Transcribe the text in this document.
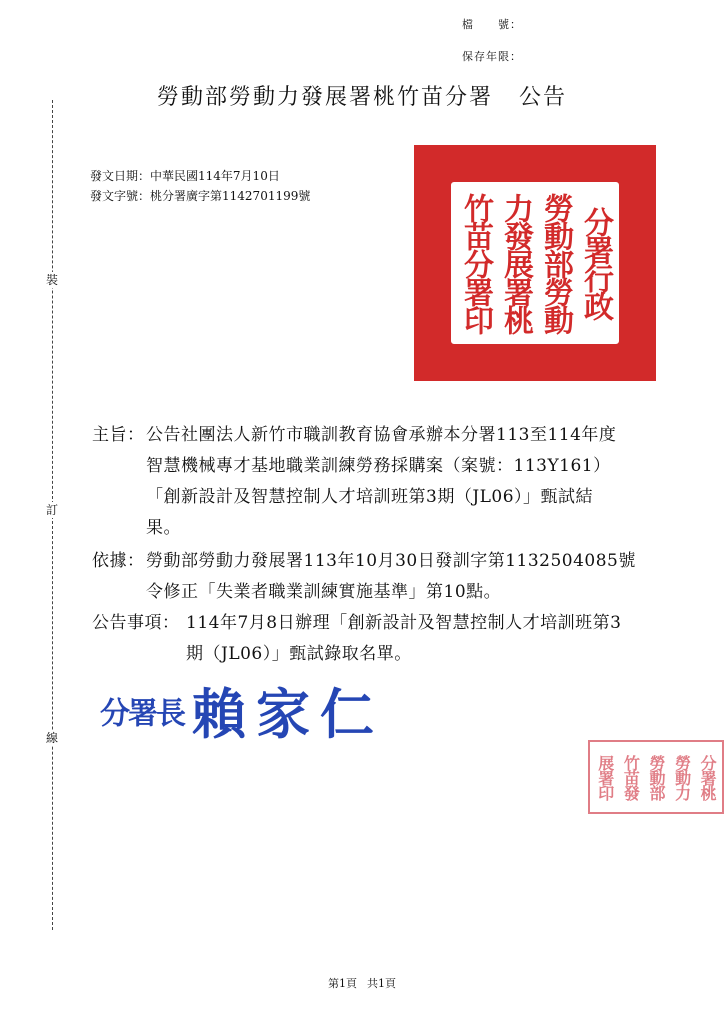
檔　　號：
保存年限：
裝
訂
線
勞動部勞動力發展署桃竹苗分署 公告
發文日期：中華民國114年7月10日
發文字號：桃分署廣字第1142701199號
分署行政
勞動部勞動
力發展署桃
竹苗分署印
主旨： 公告社團法人新竹市職訓教育協會承辦本分署113至114年度
智慧機械專才基地職業訓練勞務採購案（案號：113Y161）
「創新設計及智慧控制人才培訓班第3期（JL06）」甄試結
果。
依據： 勞動部勞動力發展署113年10月30日發訓字第1132504085號
令修正「失業者職業訓練實施基準」第10點。
公告事項： 114年7月8日辦理「創新設計及智慧控制人才培訓班第3
期（JL06）」甄試錄取名單。
分署長 賴家仁
分署桃
勞動力
勞動部
竹苗發
展署印
第1頁 共1頁
